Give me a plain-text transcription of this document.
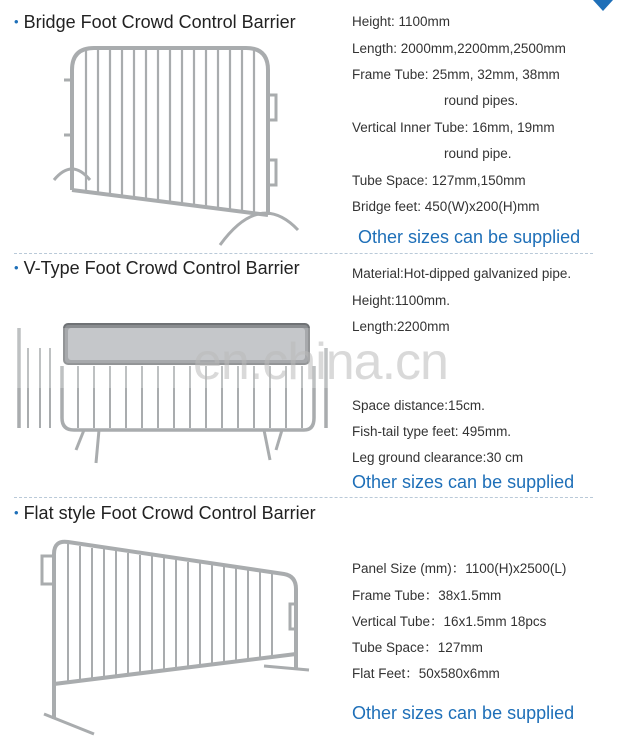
• Bridge Foot Crowd Control Barrier	Height: 1100mm
Length: 2000mm,2200mm,2500mm
Frame Tube: 25mm, 32mm, 38mm
round pipes.
Vertical Inner Tube: 16mm, 19mm
round pipe.
Tube Space: 127mm,150mm
Bridge feet: 450(W)x200(H)mm
Other sizes can be supplied
• V-Type Foot Crowd Control Barrier
en.china.cn
Material:Hot-dipped galvanized pipe.
Height:1100mm.
Length:2200mm
Space distance:15cm.
Fish-tail type feet: 495mm.
Leg ground clearance:30 cm
Other sizes can be supplied
• Flat style Foot Crowd Control Barrier
Panel Size (mm)：1100(H)x2500(L)
Frame Tube：38x1.5mm
Vertical Tube：16x1.5mm 18pcs
Tube Space：127mm
Flat Feet：50x580x6mm
Other sizes can be supplied
